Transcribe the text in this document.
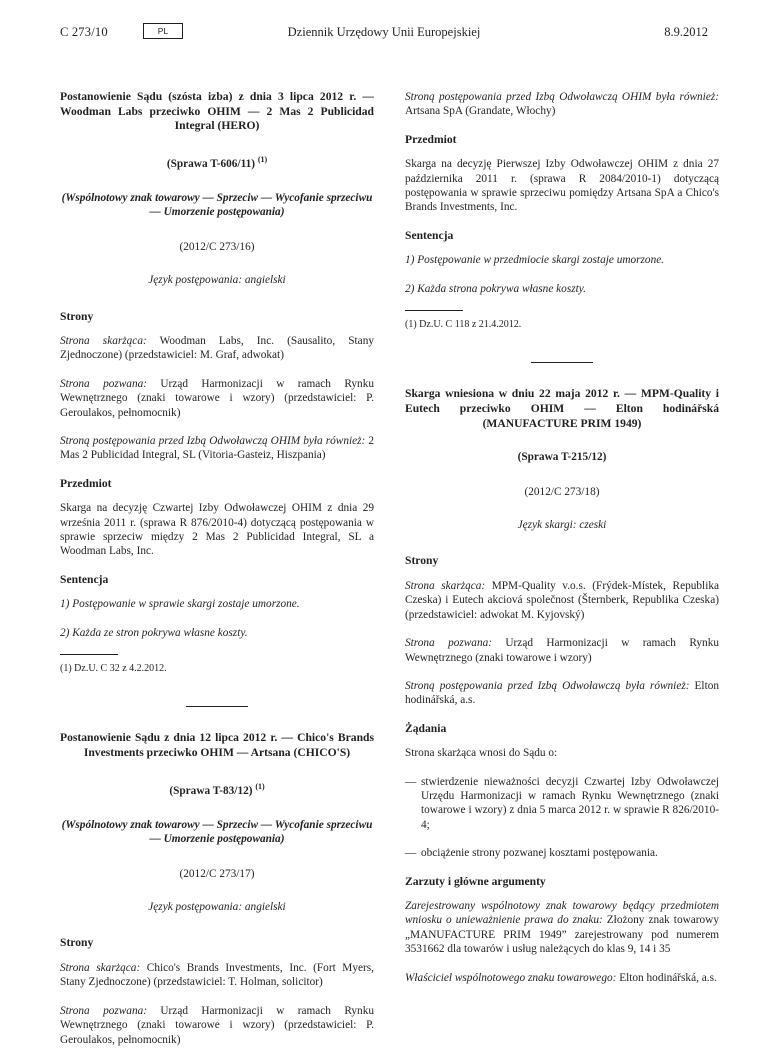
C 273/10	PL	Dziennik Urzędowy Unii Europejskiej	8.9.2012
Postanowienie Sądu (szósta izba) z dnia 3 lipca 2012 r. — Woodman Labs przeciwko OHIM — 2 Mas 2 Publicidad Integral (HERO)
(Sprawa T-606/11) $^{(1)}$
(Wspólnotowy znak towarowy — Sprzeciw — Wycofanie sprzeciwu — Umorzenie postępowania)
(2012/C 273/16)
Język postępowania: angielski
Strony
Strona skarżąca: Woodman Labs, Inc. (Sausalito, Stany Zjednoczone) (przedstawiciel: M. Graf, adwokat)
Strona pozwana: Urząd Harmonizacji w ramach Rynku Wewnętrznego (znaki towarowe i wzory) (przedstawiciel: P. Geroulakos, pełnomocnik)
Stroną postępowania przed Izbą Odwoławczą OHIM była również: 2 Mas 2 Publicidad Integral, SL (Vitoria-Gasteiz, Hiszpania)
Przedmiot
Skarga na decyzję Czwartej Izby Odwoławczej OHIM z dnia 29 września 2011 r. (sprawa R 876/2010-4) dotyczącą postępowania w sprawie sprzeciw między 2 Mas 2 Publicidad Integral, SL a Woodman Labs, Inc.
Sentencja
1) Postępowanie w sprawie skargi zostaje umorzone.
2) Każda ze stron pokrywa własne koszty.
(1) Dz.U. C 32 z 4.2.2012.
Postanowienie Sądu z dnia 12 lipca 2012 r. — Chico's Brands Investments przeciwko OHIM — Artsana (CHICO'S)
(Sprawa T-83/12) $^{(1)}$
(Wspólnotowy znak towarowy — Sprzeciw — Wycofanie sprzeciwu — Umorzenie postępowania)
(2012/C 273/17)
Język postępowania: angielski
Strony
Strona skarżąca: Chico's Brands Investments, Inc. (Fort Myers, Stany Zjednoczone) (przedstawiciel: T. Holman, solicitor)
Strona pozwana: Urząd Harmonizacji w ramach Rynku Wewnętrznego (znaki towarowe i wzory) (przedstawiciel: P. Geroulakos, pełnomocnik)
Stroną postępowania przed Izbą Odwoławczą OHIM była również: Artsana SpA (Grandate, Włochy)
Przedmiot
Skarga na decyzję Pierwszej Izby Odwoławczej OHIM z dnia 27 października 2011 r. (sprawa R 2084/2010-1) dotyczącą postępowania w sprawie sprzeciwu pomiędzy Artsana SpA a Chico's Brands Investments, Inc.
Sentencja
1) Postępowanie w przedmiocie skargi zostaje umorzone.
2) Każda strona pokrywa własne koszty.
(1) Dz.U. C 118 z 21.4.2012.
Skarga wniesiona w dniu 22 maja 2012 r. — MPM-Quality i Eutech przeciwko OHIM — Elton hodinářská (MANUFACTURE PRIM 1949)
(Sprawa T-215/12)
(2012/C 273/18)
Język skargi: czeski
Strony
Strona skarżąca: MPM-Quality v.o.s. (Frýdek-Místek, Republika Czeska) i Eutech akciová společnost (Šternberk, Republika Czeska) (przedstawiciel: adwokat M. Kyjovský)
Strona pozwana: Urząd Harmonizacji w ramach Rynku Wewnętrznego (znaki towarowe i wzory)
Stroną postępowania przed Izbą Odwoławczą była również: Elton hodinářská, a.s.
Żądania
Strona skarżąca wnosi do Sądu o:
— stwierdzenie nieważności decyzji Czwartej Izby Odwoławczej Urzędu Harmonizacji w ramach Rynku Wewnętrznego (znaki towarowe i wzory) z dnia 5 marca 2012 r. w sprawie R 826/2010-4;
— obciążenie strony pozwanej kosztami postępowania.
Zarzuty i główne argumenty
Zarejestrowany wspólnotowy znak towarowy będący przedmiotem wniosku o unieważnienie prawa do znaku: Złożony znak towarowy „MANUFACTURE PRIM 1949” zarejestrowany pod numerem 3531662 dla towarów i usług należących do klas 9, 14 i 35
Właściciel wspólnotowego znaku towarowego: Elton hodinářská, a.s.
